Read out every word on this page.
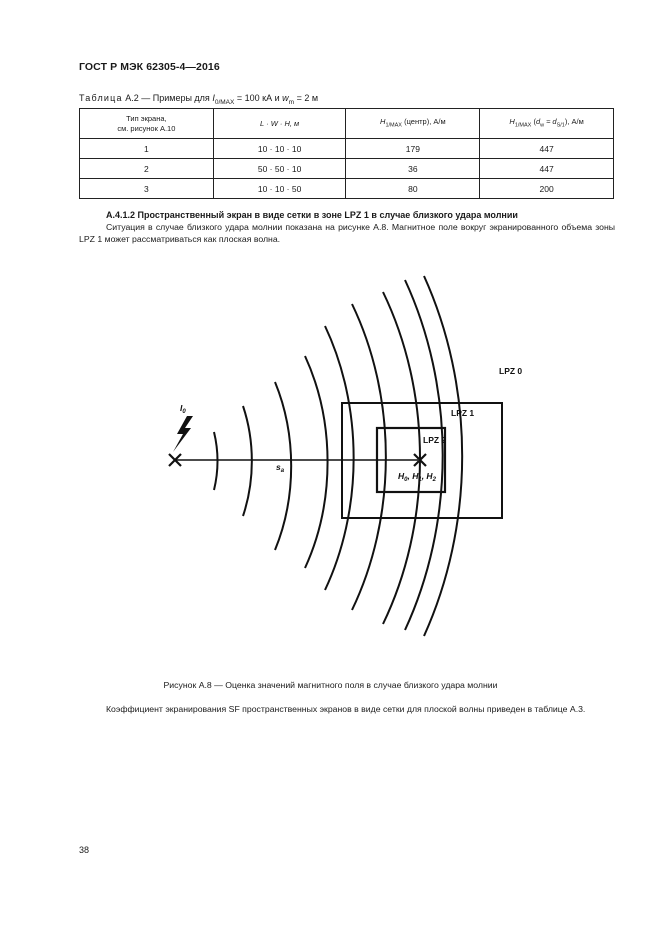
ГОСТ Р МЭК 62305-4—2016
Таблица A.2 — Примеры для $I_{0/MAX} = 100$ кА и $w_m = 2$ м
Тип экрана,
см. рисунок A.10	L · W · H, м	$H_{1/MAX}$ (центр), А/м	$H_{1/MAX}$ $(d_w \approx d_{S/1})$, А/м
1	10 · 10 · 10	179	447
2	50 · 50 · 10	36	447
3	10 · 10 · 50	80	200
A.4.1.2 Пространственный экран в виде сетки в зоне LPZ 1 в случае близкого удара молнии
Ситуация в случае близкого удара молнии показана на рисунке A.8. Магнитное поле вокруг экранированного объема зоны LPZ 1 может рассматриваться как плоская волна.
LPZ 0
LPZ 1
LPZ 2
$I_0$
$s_a$	$H_0$, $H_1$, $H_2$
Рисунок A.8 — Оценка значений магнитного поля в случае близкого удара молнии
Коэффициент экранирования SF пространственных экранов в виде сетки для плоской волны приведен в таблице A.3.
38
